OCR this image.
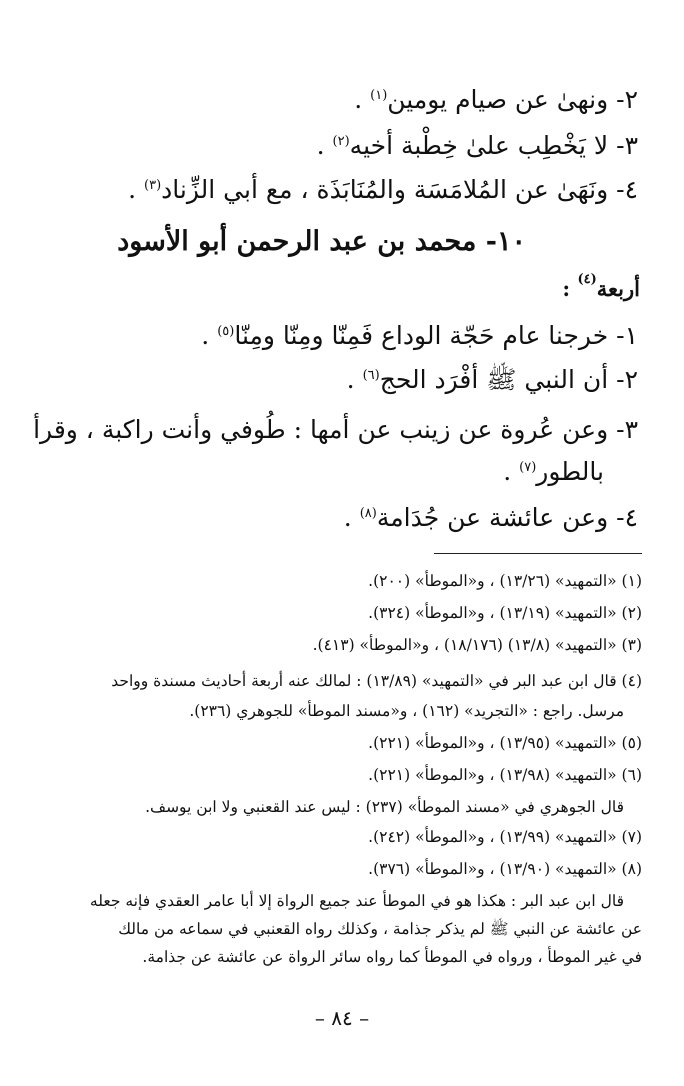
٢- ونهىٰ عن صيام يومين$^{(١)}$ .
٣- لا يَخْطِب علىٰ خِطْبة أخيه$^{(٢)}$ .
٤- ونَهَىٰ عن المُلامَسَة والمُنَابَذَة ، مع أبي الزِّناد$^{(٣)}$ .
١٠- محمد بن عبد الرحمن أبو الأسود
أربعة$^{(٤)}$ :
١- خرجنا عام حَجّة الوداع فَمِنّا ومِنّا ومِنّا$^{(٥)}$ .
٢- أن النبي ﷺ أفْرَد الحج$^{(٦)}$ .
٣- وعن عُروة عن زينب عن أمها : طُوفي وأنت راكبة ، وقرأ
بالطور$^{(٧)}$ .
٤- وعن عائشة عن جُدَامة$^{(٨)}$ .
(١) «التمهيد» (١٣/٢٦) ، و«الموطأ» (٢٠٠).
(٢) «التمهيد» (١٣/١٩) ، و«الموطأ» (٣٢٤).
(٣) «التمهيد» (١٣/٨) (١٨/١٧٦) ، و«الموطأ» (٤١٣).
(٤) قال ابن عبد البر في «التمهيد» (١٣/٨٩) : لمالك عنه أربعة أحاديث مسندة وواحد
مرسل. راجع : «التجريد» (١٦٢) ، و«مسند الموطأ» للجوهري (٢٣٦).
(٥) «التمهيد» (١٣/٩٥) ، و«الموطأ» (٢٢١).
(٦) «التمهيد» (١٣/٩٨) ، و«الموطأ» (٢٢١).
قال الجوهري في «مسند الموطأ» (٢٣٧) : ليس عند القعنبي ولا ابن يوسف.
(٧) «التمهيد» (١٣/٩٩) ، و«الموطأ» (٢٤٢).
(٨) «التمهيد» (١٣/٩٠) ، و«الموطأ» (٣٧٦).
قال ابن عبد البر : هكذا هو في الموطأ عند جميع الرواة إلا أبا عامر العقدي فإنه جعله
عن عائشة عن النبي ﷺ لم يذكر جذامة ، وكذلك رواه القعنبي في سماعه من مالك
في غير الموطأ ، ورواه في الموطأ كما رواه سائر الرواة عن عائشة عن جذامة.
– ٨٤ –
